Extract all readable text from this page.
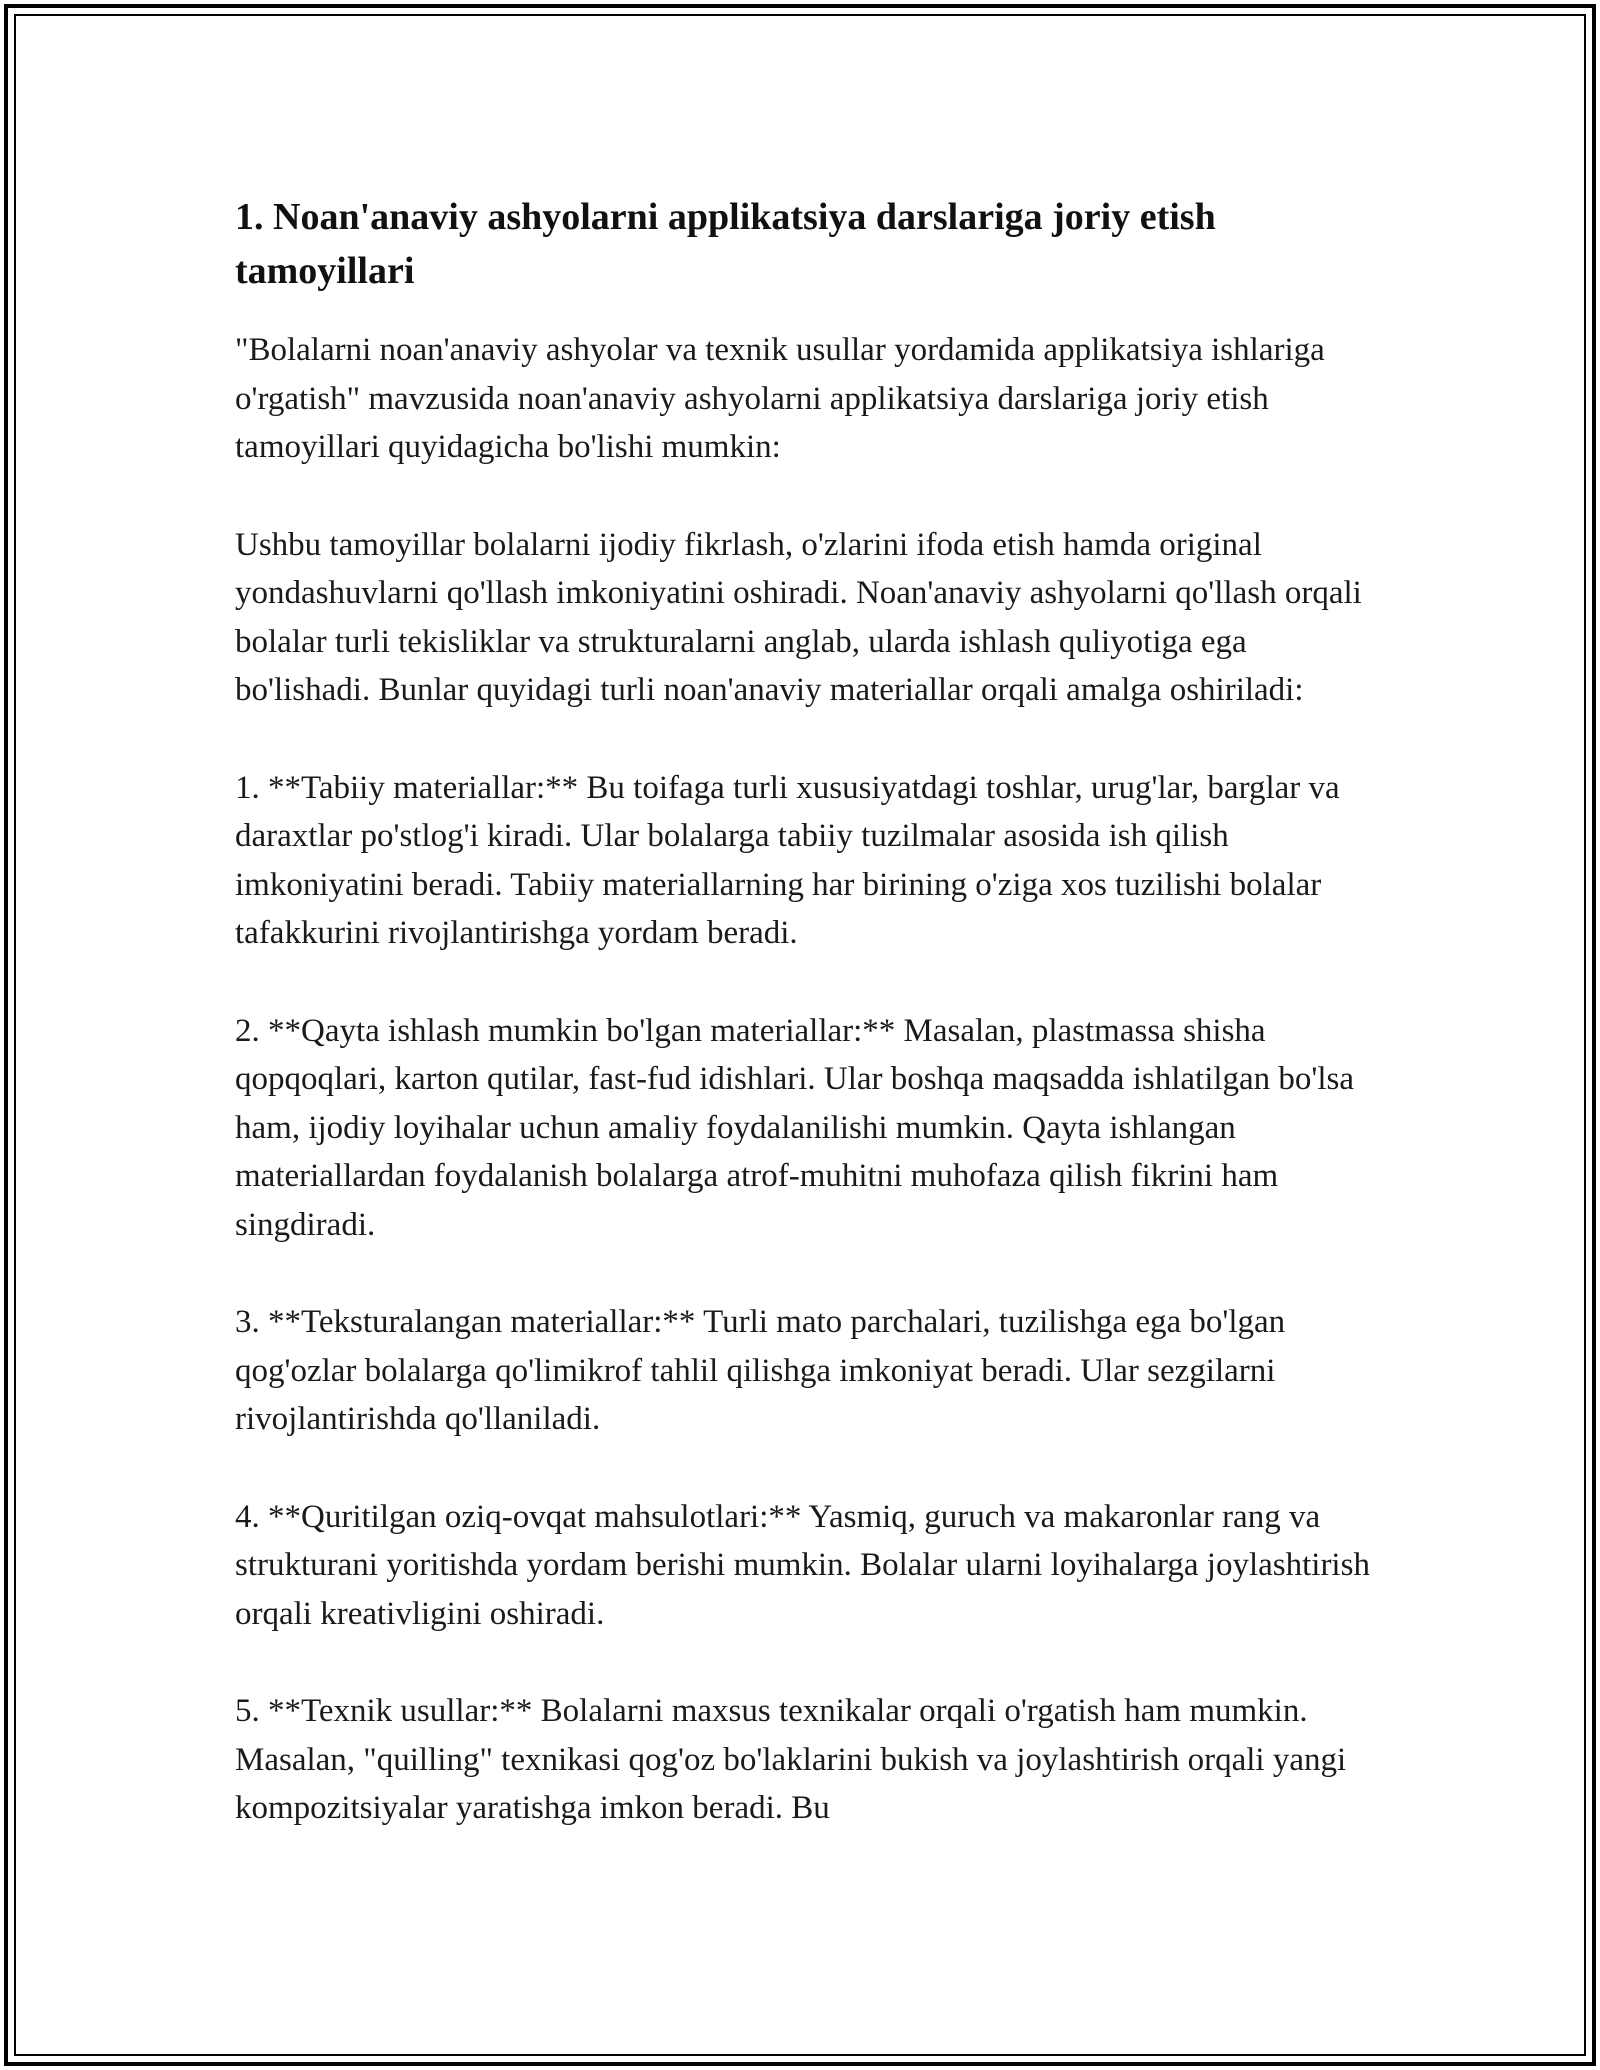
1. Noan'anaviy ashyolarni applikatsiya darslariga joriy etish tamoyillari

"Bolalarni noan'anaviy ashyolar va texnik usullar yordamida applikatsiya ishlariga o'rgatish" mavzusida noan'anaviy ashyolarni applikatsiya darslariga joriy etish tamoyillari quyidagicha bo'lishi mumkin:

Ushbu tamoyillar bolalarni ijodiy fikrlash, o'zlarini ifoda etish hamda original yondashuvlarni qo'llash imkoniyatini oshiradi. Noan'anaviy ashyolarni qo'llash orqali bolalar turli tekisliklar va strukturalarni anglab, ularda ishlash quliyotiga ega bo'lishadi. Bunlar quyidagi turli noan'anaviy materiallar orqali amalga oshiriladi:

1. **Tabiiy materiallar:** Bu toifaga turli xususiyatdagi toshlar, urug'lar, barglar va daraxtlar po'stlog'i kiradi. Ular bolalarga tabiiy tuzilmalar asosida ish qilish imkoniyatini beradi. Tabiiy materiallarning har birining o'ziga xos tuzilishi bolalar tafakkurini rivojlantirishga yordam beradi.

2. **Qayta ishlash mumkin bo'lgan materiallar:** Masalan, plastmassa shisha qopqoqlari, karton qutilar, fast-fud idishlari. Ular boshqa maqsadda ishlatilgan bo'lsa ham, ijodiy loyihalar uchun amaliy foydalanilishi mumkin. Qayta ishlangan materiallardan foydalanish bolalarga atrof-muhitni muhofaza qilish fikrini ham singdiradi.

3. **Teksturalangan materiallar:** Turli mato parchalari, tuzilishga ega bo'lgan qog'ozlar bolalarga qo'limikrof tahlil qilishga imkoniyat beradi. Ular sezgilarni rivojlantirishda qo'llaniladi.

4. **Quritilgan oziq-ovqat mahsulotlari:** Yasmiq, guruch va makaronlar rang va strukturani yoritishda yordam berishi mumkin. Bolalar ularni loyihalarga joylashtirish orqali kreativligini oshiradi.

5. **Texnik usullar:** Bolalarni maxsus texnikalar orqali o'rgatish ham mumkin. Masalan, "quilling" texnikasi qog'oz bo'laklarini bukish va joylashtirish orqali yangi kompozitsiyalar yaratishga imkon beradi. Bu
